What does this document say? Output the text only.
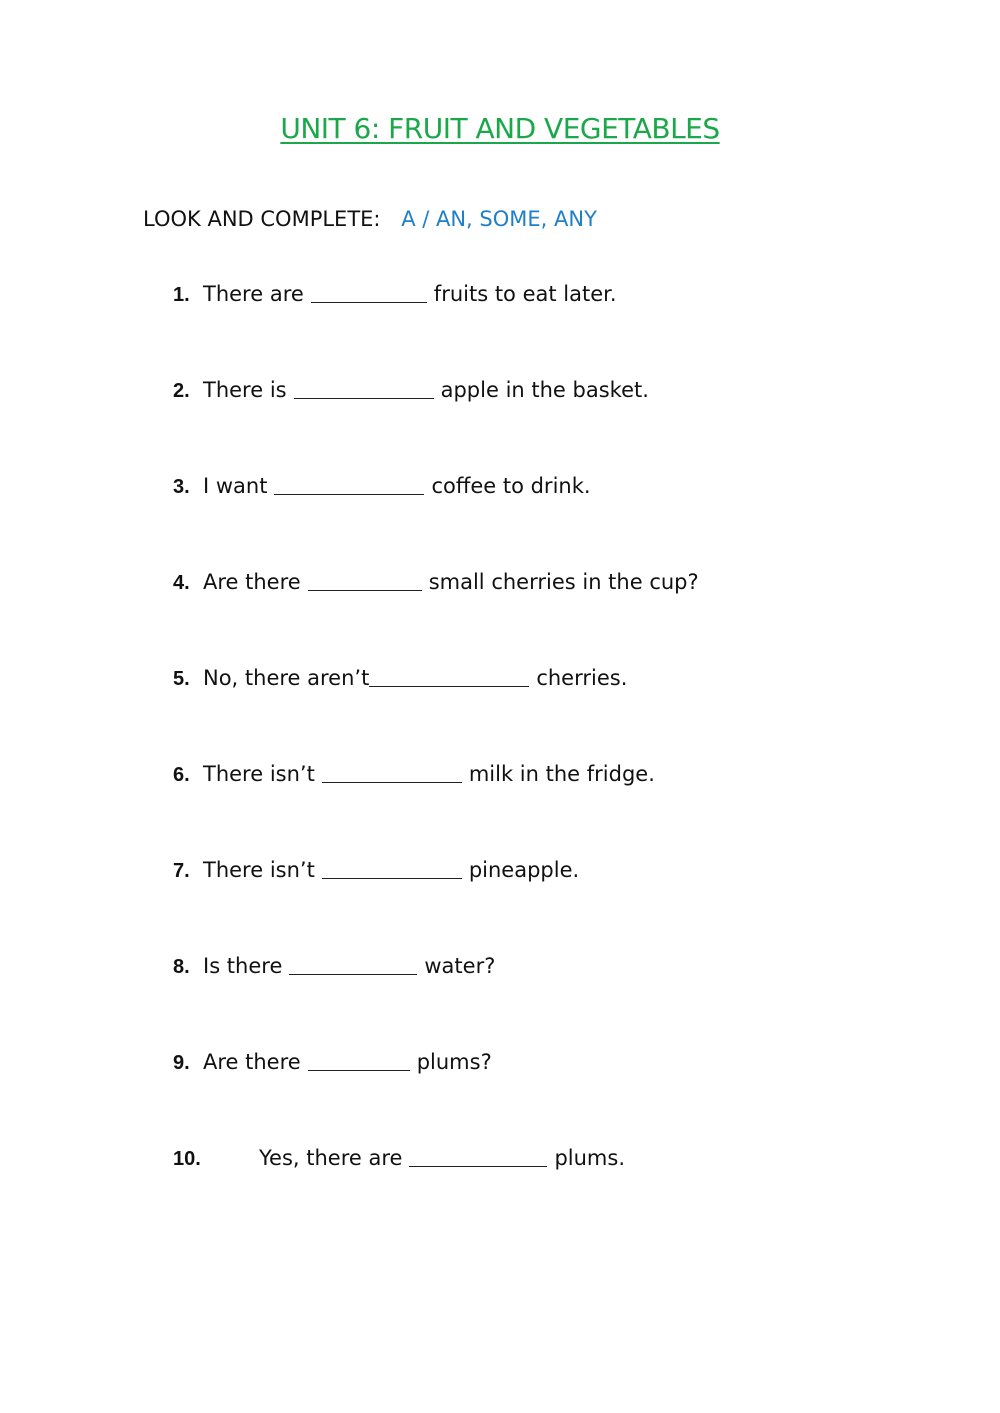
UNIT 6: FRUIT AND VEGETABLES
LOOK AND COMPLETE: A / AN, SOME, ANY
1. There are	fruits to eat later.
2. There is	apple in the basket.
3. I want	coffee to drink.
4. Are there	small cherries in the cup?
5. No, there aren’t	cherries.
6. There isn’t	milk in the fridge.
7. There isn’t	pineapple.
8. Is there	water?
9. Are there	plums?
10.	Yes, there are	plums.
